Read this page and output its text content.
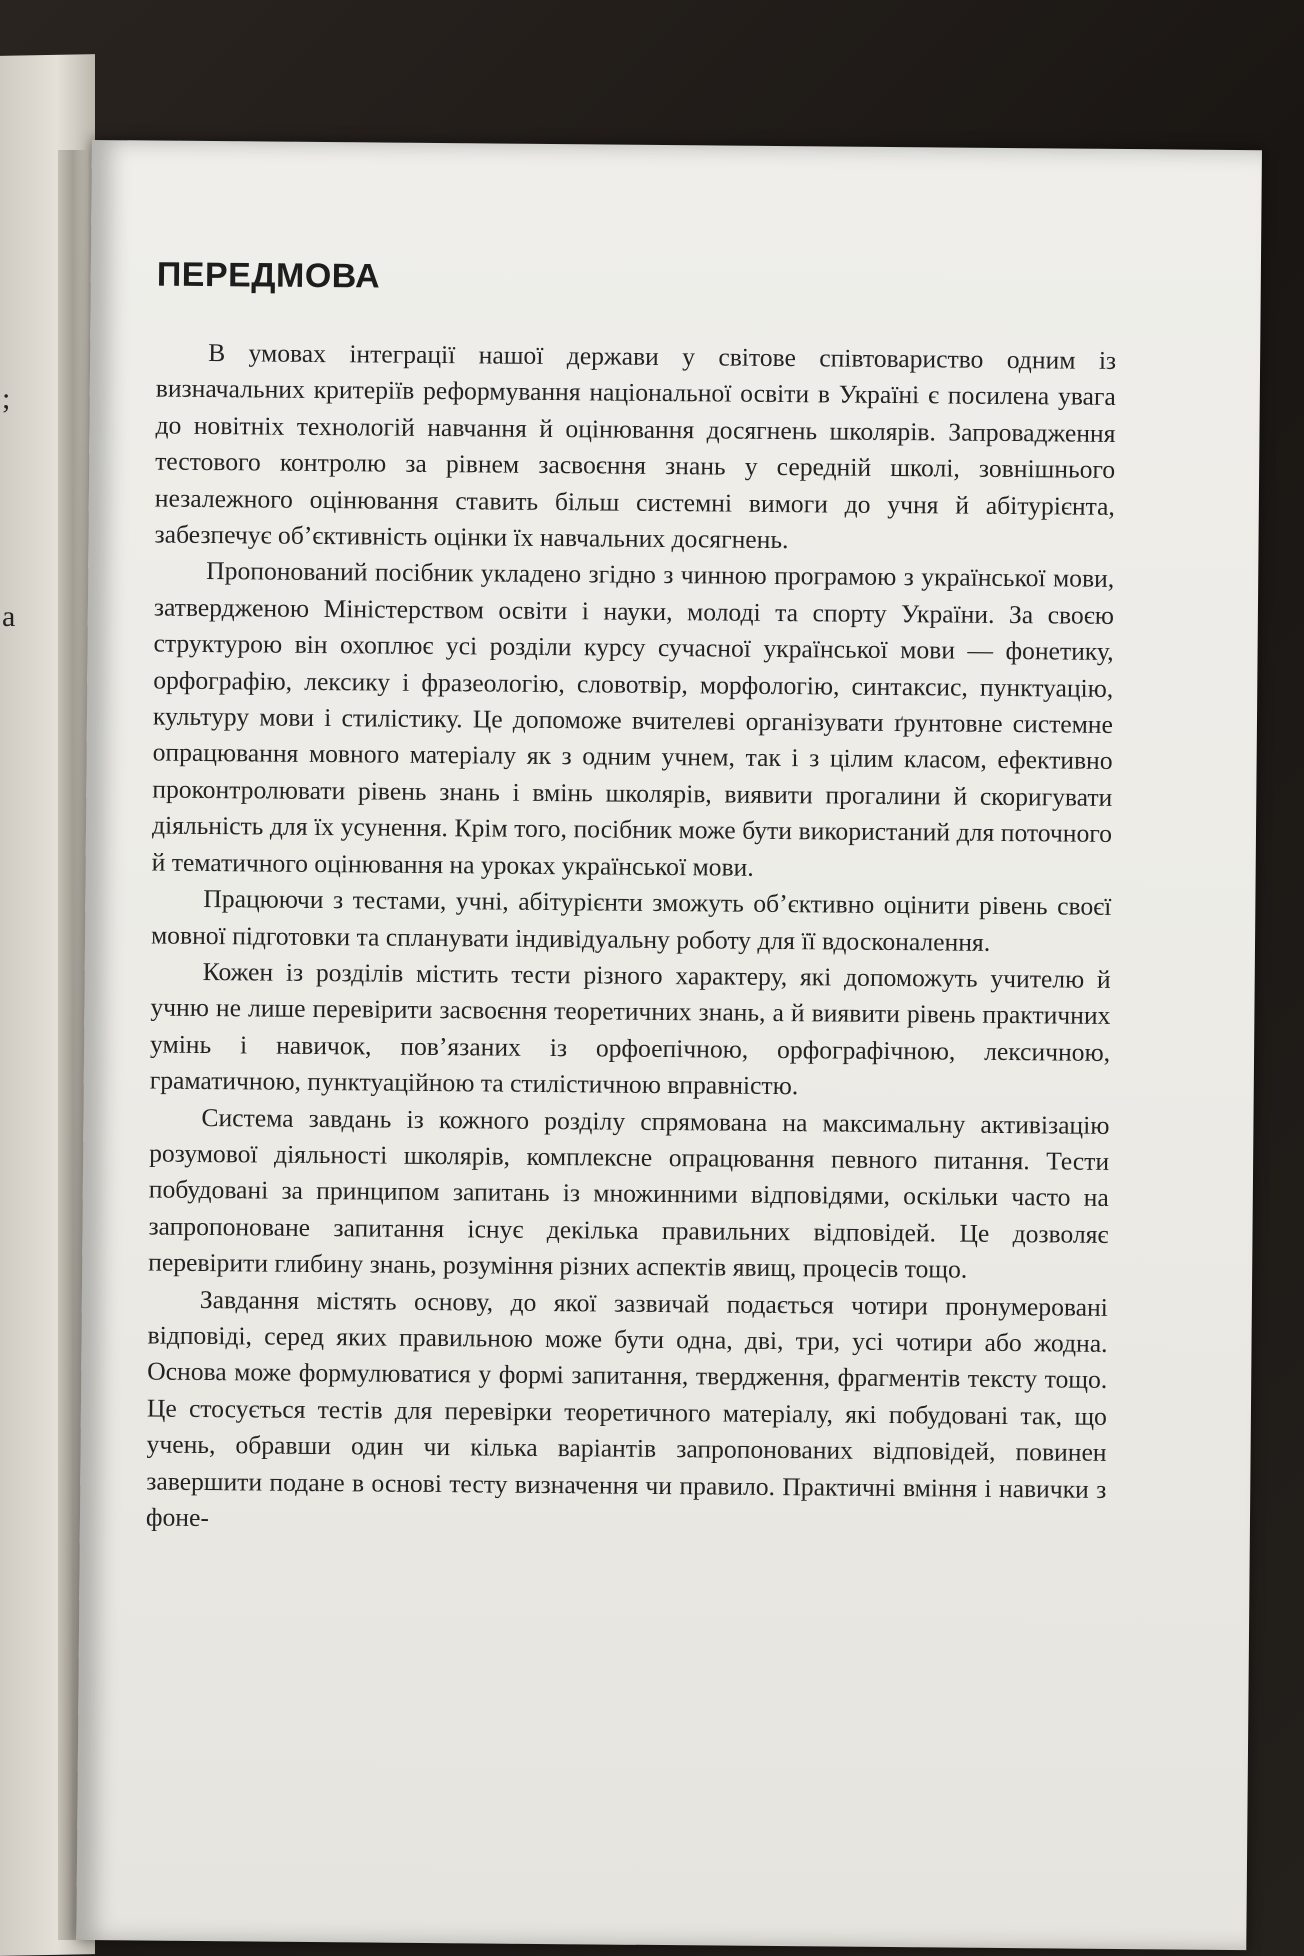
;
a
ПЕРЕДМОВА

В умовах інтеграції нашої держави у світове співтовариство одним із визначальних критеріїв реформування національної освіти в Україні є посилена увага до новітніх технологій навчання й оцінювання досягнень школярів. Запровадження тестового контролю за рівнем засвоєння знань у середній школі, зовнішнього незалежного оцінювання ставить більш системні вимоги до учня й абітурієнта, забезпечує об’єктивність оцінки їх навчальних досягнень.

Пропонований посібник укладено згідно з чинною програмою з української мови, затвердженою Міністерством освіти і науки, молоді та спорту України. За своєю структурою він охоплює усі розділи курсу сучасної української мови — фонетику, орфографію, лексику і фразеологію, словотвір, морфологію, синтаксис, пунктуацію, культуру мови і стилістику. Це допоможе вчителеві організувати ґрунтовне системне опрацювання мовного матеріалу як з одним учнем, так і з цілим класом, ефективно проконтролювати рівень знань і вмінь школярів, виявити прогалини й скоригувати діяльність для їх усунення. Крім того, посібник може бути використаний для поточного й тематичного оцінювання на уроках української мови.

Працюючи з тестами, учні, абітурієнти зможуть об’єктивно оцінити рівень своєї мовної підготовки та спланувати індивідуальну роботу для її вдосконалення.

Кожен із розділів містить тести різного характеру, які допоможуть учителю й учню не лише перевірити засвоєння теоретичних знань, а й виявити рівень практичних умінь і навичок, пов’язаних із орфоепічною, орфографічною, лексичною, граматичною, пунктуаційною та стилістичною вправністю.

Система завдань із кожного розділу спрямована на максимальну активізацію розумової діяльності школярів, комплексне опрацювання певного питання. Тести побудовані за принципом запитань із множинними відповідями, оскільки часто на запропоноване запитання існує декілька правильних відповідей. Це дозволяє перевірити глибину знань, розуміння різних аспектів явищ, процесів тощо.

Завдання містять основу, до якої зазвичай подається чотири пронумеровані відповіді, серед яких правильною може бути одна, дві, три, усі чотири або жодна. Основа може формулюватися у формі запитання, твердження, фрагментів тексту тощо. Це стосується тестів для перевірки теоретичного матеріалу, які побудовані так, що учень, обравши один чи кілька варіантів запропонованих відповідей, повинен завершити подане в основі тесту визначення чи правило. Практичні вміння і навички з фоне-
